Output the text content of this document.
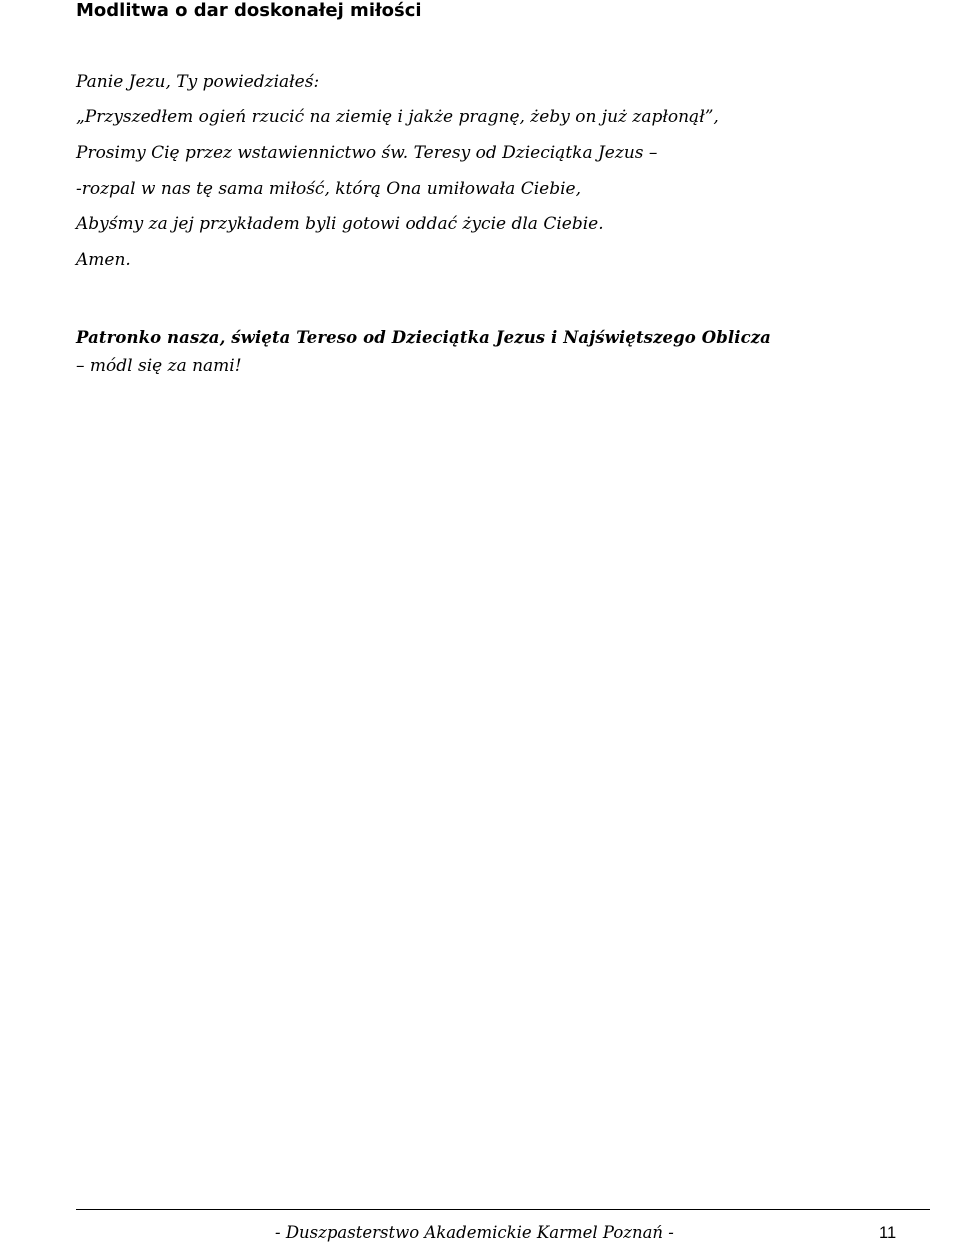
Modlitwa o dar doskonałej miłości

Panie Jezu, Ty powiedziałeś:

„Przyszedłem ogień rzucić na ziemię i jakże pragnę, żeby on już zapłonął”,

Prosimy Cię przez wstawiennictwo św. Teresy od Dzieciątka Jezus –

-rozpal w nas tę sama miłość, którą Ona umiłowała Ciebie,

Abyśmy za jej przykładem byli gotowi oddać życie dla Ciebie.

Amen.

Patronko nasza, święta Tereso od Dzieciątka Jezus i Najświętszego Oblicza

– módl się za nami!

- Duszpasterstwo Akademickie Karmel Poznań -	11
